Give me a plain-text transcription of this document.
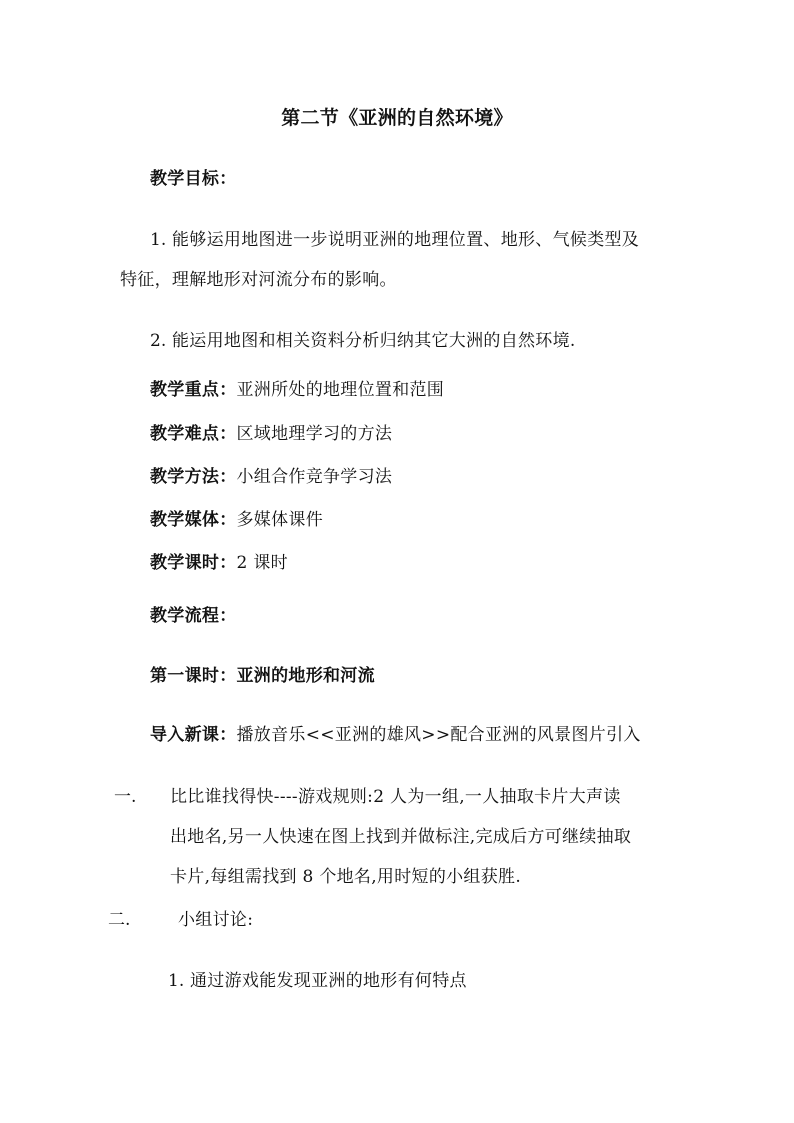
第二节《亚洲的自然环境》
教学目标：
1. 能够运用地图进一步说明亚洲的地理位置、地形、气候类型及
特征，理解地形对河流分布的影响。
2. 能运用地图和相关资料分析归纳其它大洲的自然环境.
教学重点：亚洲所处的地理位置和范围
教学难点：区域地理学习的方法
教学方法：小组合作竞争学习法
教学媒体：多媒体课件
教学课时：2 课时
教学流程：
第一课时：亚洲的地形和河流
导入新课：播放音乐<<亚洲的雄风>>配合亚洲的风景图片引入
一. 比比谁找得快----游戏规则:2 人为一组,一人抽取卡片大声读
出地名,另一人快速在图上找到并做标注,完成后方可继续抽取
卡片,每组需找到 8 个地名,用时短的小组获胜.
二.	小组讨论:
1. 通过游戏能发现亚洲的地形有何特点
